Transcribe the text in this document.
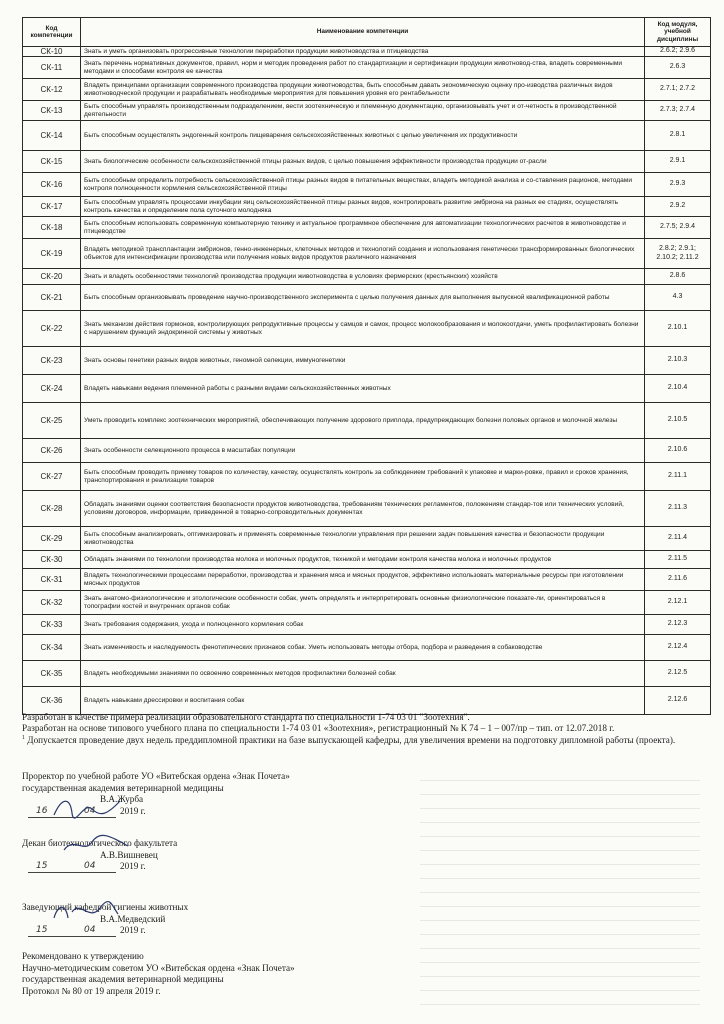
Код компетенции	Наименование компетенции	Код модуля, учебной дисциплины
СК-10	Знать и уметь организовать прогрессивные технологии переработки продукции животноводства и птицеводства	2.6.2; 2.9.6
СК-11	Знать перечень нормативных документов, правил, норм и методик проведения работ по стандартизации и сертификации продукции животновод-ства, владеть современными методами и способами контроля ее качества	2.6.3
СК-12	Владеть принципами организации современного производства продукции животноводства, быть способным давать экономическую оценку про-изводства различных видов животноводческой продукции и разрабатывать необходимые мероприятия для повышения уровня его рентабельности	2.7.1; 2.7.2
СК-13	Быть способным управлять производственным подразделением, вести зоотехническую и племенную документацию, организовывать учет и от-четность в производственной деятельности	2.7.3; 2.7.4
СК-14	Быть способным осуществлять эндогенный контроль пищеварения сельскохозяйственных животных с целью увеличения их продуктивности	2.8.1
СК-15	Знать биологические особенности сельскохозяйственной птицы разных видов, с целью повышения эффективности производства продукции от-расли	2.9.1
СК-16	Быть способным определить потребность сельскохозяйственной птицы разных видов в питательных веществах, владеть методикой анализа и со-ставления рационов, методами контроля полноценности кормления сельскохозяйственной птицы	2.9.3
СК-17	Быть способным управлять процессами инкубации яиц сельскохозяйственной птицы разных видов, контролировать развитие эмбриона на разных ее стадиях, осуществлять контроль качества и определение пола суточного молодняка	2.9.2
СК-18	Быть способным использовать современную компьютерную технику и актуальное программное обеспечение для автоматизации технологических расчетов в животноводстве и птицеводстве	2.7.5; 2.9.4
СК-19	Владеть методикой трансплантации эмбрионов, генно-инженерных, клеточных методов и технологий создания и использования генетически трансформированных биологических объектов для интенсификации производства или получения новых видов продуктов различного назначения	2.8.2; 2.9.1; 2.10.2; 2.11.2
СК-20	Знать и владеть особенностями технологий производства продукции животноводства в условиях фермерских (крестьянских) хозяйств	2.8.6
СК-21	Быть способным организовывать проведение научно-производственного эксперимента с целью получения данных для выполнения выпускной квалификационной работы	4.3
СК-22	Знать механизм действия гормонов, контролирующих репродуктивные процессы у самцов и самок, процесс молокообразования и молокоотдачи, уметь профилактировать болезни с нарушением функций эндокринной системы у животных	2.10.1
СК-23	Знать основы генетики разных видов животных, геномной селекции, иммуногенетики	2.10.3
СК-24	Владеть навыками ведения племенной работы с разными видами сельскохозяйственных животных	2.10.4
СК-25	Уметь проводить комплекс зоотехнических мероприятий, обеспечивающих получение здорового приплода, предупреждающих болезни половых органов и молочной железы	2.10.5
СК-26	Знать особенности селекционного процесса в масштабах популяции	2.10.6
СК-27	Быть способным проводить приемку товаров по количеству, качеству, осуществлять контроль за соблюдением требований к упаковке и марки-ровке, правил и сроков хранения, транспортирования и реализации товаров	2.11.1
СК-28	Обладать знаниями оценки соответствия безопасности продуктов животноводства, требованиям технических регламентов, положениям стандар-тов или технических условий, условиям договоров, информации, приведенной в товарно-сопроводительных документах	2.11.3
СК-29	Быть способным анализировать, оптимизировать и применять современные технологии управления при решении задач повышения качества и безопасности продукции животноводства	2.11.4
СК-30	Обладать знаниями по технологии производства молока и молочных продуктов, техникой и методами контроля качества молока и молочных продуктов	2.11.5
СК-31	Владеть технологическими процессами переработки, производства и хранения мяса и мясных продуктов, эффективно использовать материальные ресурсы при изготовлении мясных продуктов	2.11.6
СК-32	Знать анатомо-физиологические и этологические особенности собак, уметь определять и интерпретировать основные физиологические показате-ли, ориентироваться в топографии костей и внутренних органов собак	2.12.1
СК-33	Знать требования содержания, ухода и полноценного кормления собак	2.12.3
СК-34	Знать изменчивость и наследуемость фенотипических признаков собак. Уметь использовать методы отбора, подбора и разведения в собаководстве	2.12.4
СК-35	Владеть необходимыми знаниями по освоению современных методов профилактики болезней собак	2.12.5
СК-36	Владеть навыками дрессировки и воспитания собак	2.12.6

Разработан в качестве примера реализации образовательного стандарта по специальности 1-74 03 01 "Зоотехния".

Разработан на основе типового учебного плана по специальности 1-74 03 01 «Зоотехния», регистрационный № К 74 – 1 – 007/пр – тип. от 12.07.2018 г.

$^1$ Допускается проведение двух недель преддипломной практики на базе выпускающей кафедры, для увеличения времени на подготовку дипломной работы (проекта).

Проректор по учебной работе УО «Витебская ордена «Знак Почета»

государственная академия ветеринарной медицины

В.А.Журба

16	04	2019 г.

Декан биотехнологического факультета

А.В.Вишневец

15	04	2019 г.

Заведующий кафедрой гигиены животных

В.А.Медведский

15	04	2019 г.

Рекомендовано к утверждению

Научно-методическим советом УО «Витебская ордена «Знак Почета»

государственная академия ветеринарной медицины

Протокол № 80 от 19 апреля 2019 г.
